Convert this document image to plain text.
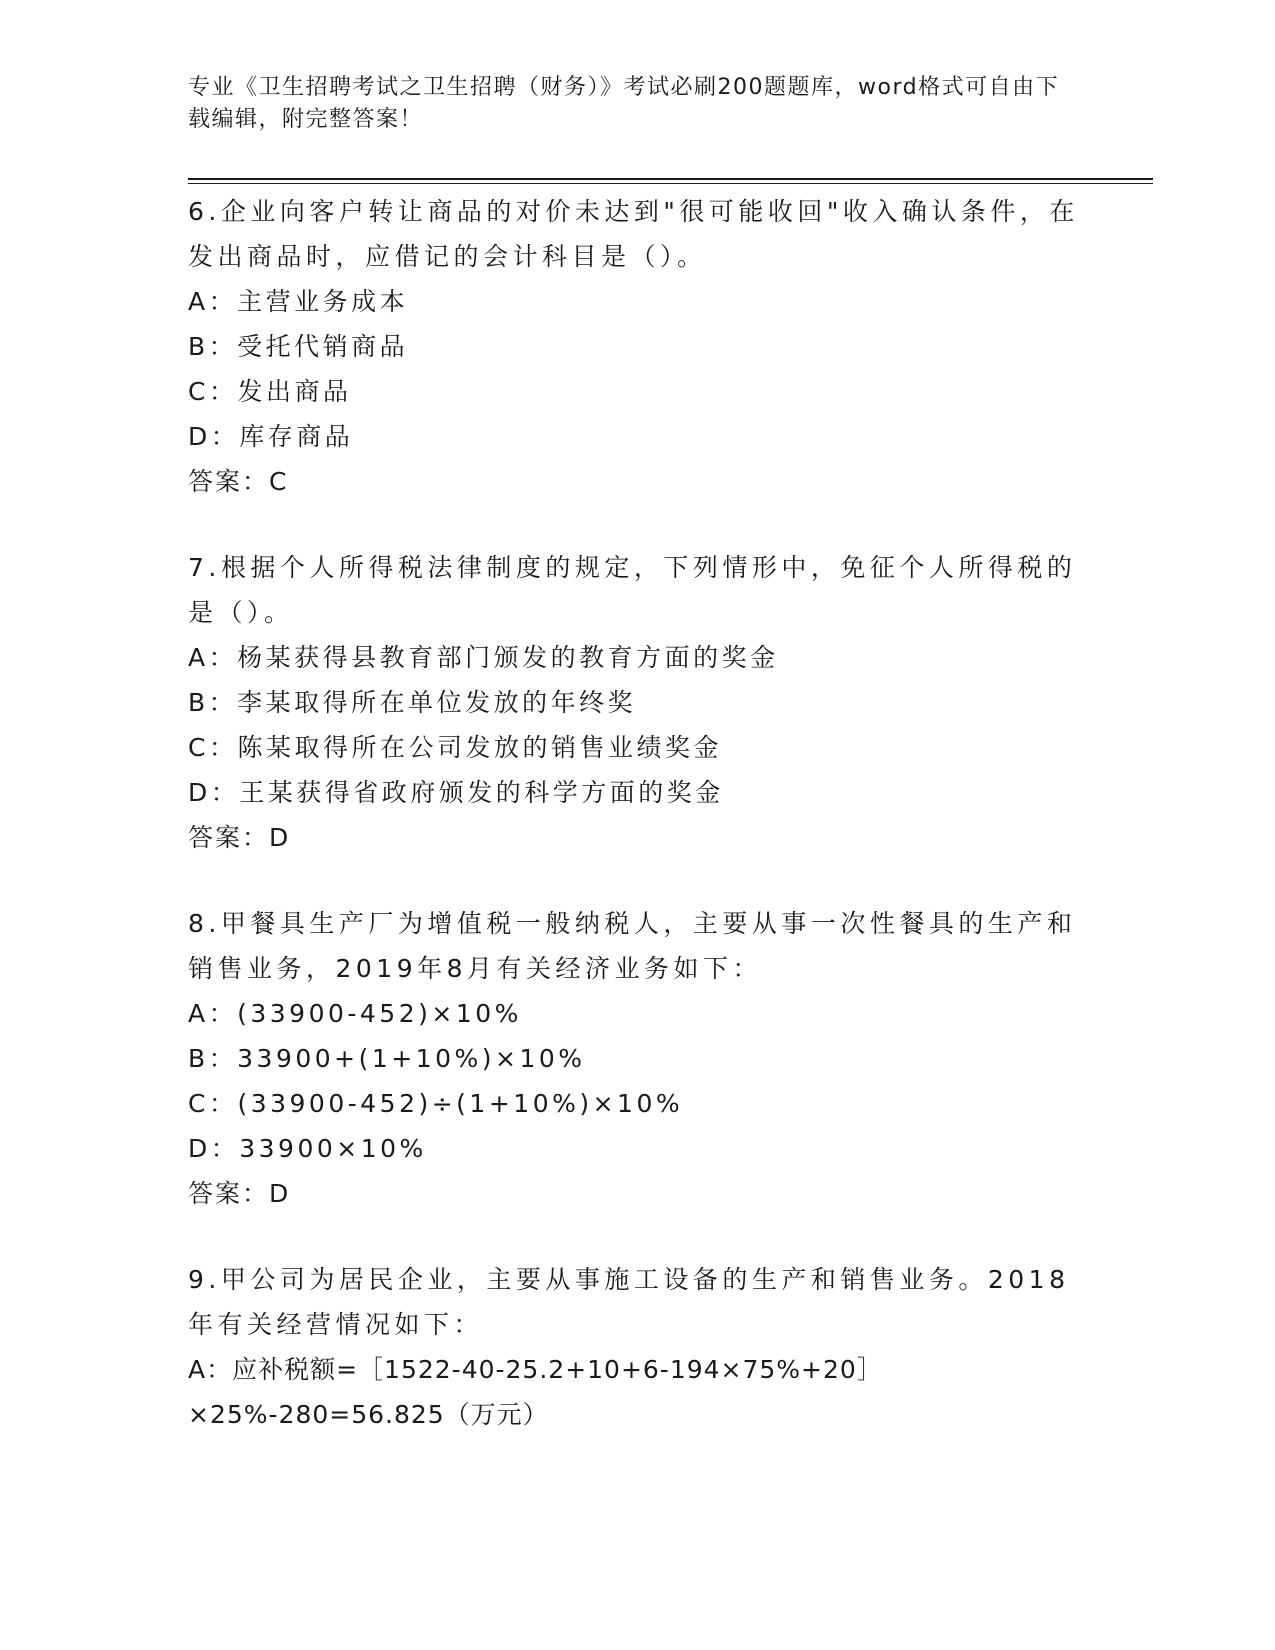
专业《卫生招聘考试之卫生招聘（财务）》考试必刷200题题库，word格式可自由下载编辑，附完整答案！
6.企业向客户转让商品的对价未达到"很可能收回"收入确认条件，在发出商品时，应借记的会计科目是（）。
A：主营业务成本
B：受托代销商品
C：发出商品
D：库存商品
答案：C
7.根据个人所得税法律制度的规定，下列情形中，免征个人所得税的是（）。
A：杨某获得县教育部门颁发的教育方面的奖金
B：李某取得所在单位发放的年终奖
C：陈某取得所在公司发放的销售业绩奖金
D：王某获得省政府颁发的科学方面的奖金
答案：D
8.甲餐具生产厂为增值税一般纳税人，主要从事一次性餐具的生产和销售业务，2019年8月有关经济业务如下：
A：(33900-452)×10%
B：33900+(1+10%)×10%
C：(33900-452)÷(1+10%)×10%
D：33900×10%
答案：D
9.甲公司为居民企业，主要从事施工设备的生产和销售业务。2018年有关经营情况如下：
A：应补税额=［1522-40-25.2+10+6-194×75%+20］×25%-280=56.825（万元）
